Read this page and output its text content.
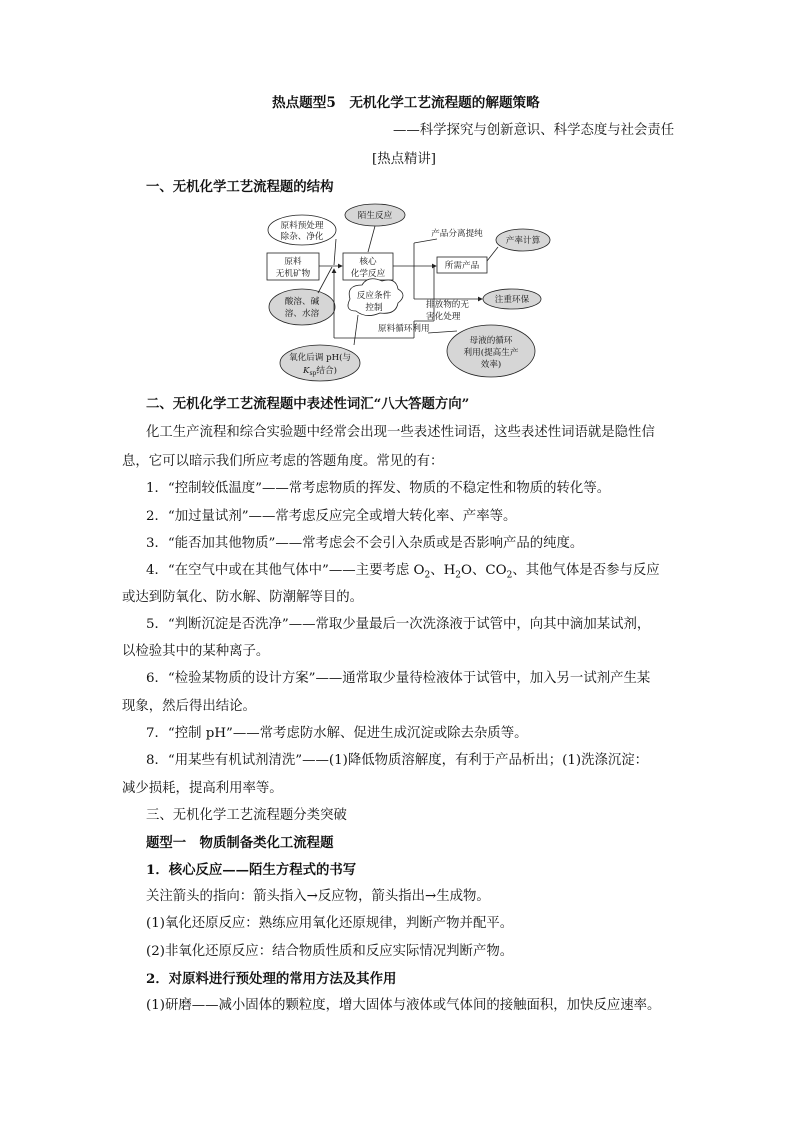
热点题型5　无机化学工艺流程题的解题策略
——科学探究与创新意识、科学态度与社会责任
[热点精讲]
一、无机化学工艺流程题的结构
原料预处理
除杂、净化
原料
无机矿物
酸溶、碱
溶、水溶
陌生反应
核心
化学反应
产品分离提纯
所需产品
产率计算
反应条件
控制	排放物的无
害化处理
注重环保
原料循环利用
氧化后调 pH(与
$K_{sp}$结合)
母液的循环
利用(提高生产
效率)
二、无机化学工艺流程题中表述性词汇“八大答题方向”
化工生产流程和综合实验题中经常会出现一些表述性词语，这些表述性词语就是隐性信
息，它可以暗示我们所应考虑的答题角度。常见的有：
1．“控制较低温度”——常考虑物质的挥发、物质的不稳定性和物质的转化等。
2．“加过量试剂”——常考虑反应完全或增大转化率、产率等。
3．“能否加其他物质”——常考虑会不会引入杂质或是否影响产品的纯度。
4．“在空气中或在其他气体中”——主要考虑 $O_2$、$H_2O$、$CO_2$、其他气体是否参与反应
或达到防氧化、防水解、防潮解等目的。
5．“判断沉淀是否洗净”——常取少量最后一次洗涤液于试管中，向其中滴加某试剂，
以检验其中的某种离子。
6．“检验某物质的设计方案”——通常取少量待检液体于试管中，加入另一试剂产生某
现象，然后得出结论。
7．“控制 pH”——常考虑防水解、促进生成沉淀或除去杂质等。
8．“用某些有机试剂清洗”——(1)降低物质溶解度，有利于产品析出；(1)洗涤沉淀：
减少损耗，提高利用率等。
三、无机化学工艺流程题分类突破
题型一　物质制备类化工流程题
1．核心反应——陌生方程式的书写
关注箭头的指向：箭头指入→反应物，箭头指出→生成物。
(1)氧化还原反应：熟练应用氧化还原规律，判断产物并配平。
(2)非氧化还原反应：结合物质性质和反应实际情况判断产物。
2．对原料进行预处理的常用方法及其作用
(1)研磨——减小固体的颗粒度，增大固体与液体或气体间的接触面积，加快反应速率。
